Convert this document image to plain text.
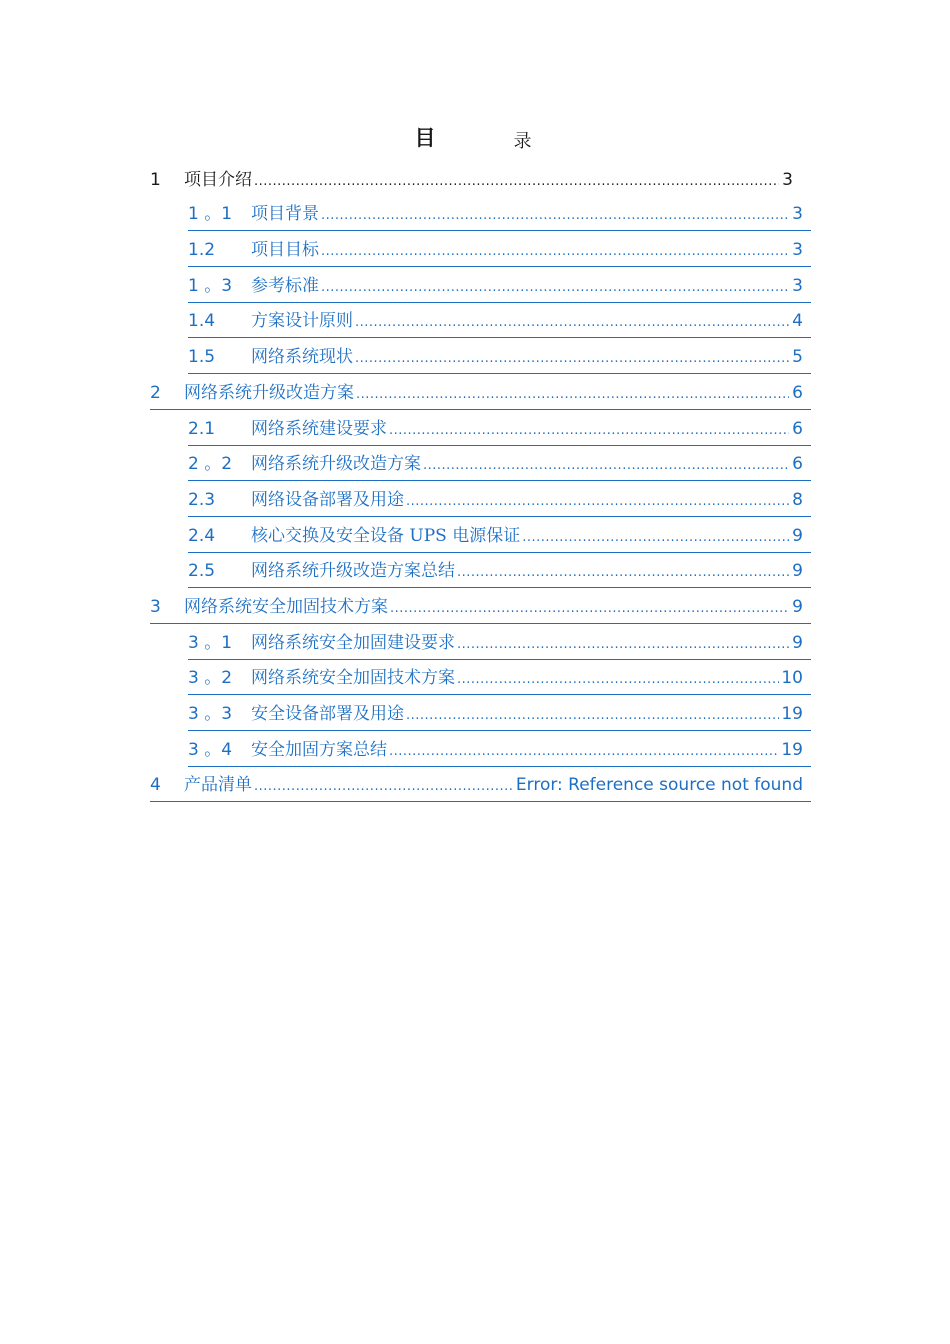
目	录
1	项目介绍 .....	3
1 。1	项目背景 .....	3
1.2	项目目标 .....	3
1 。3	参考标准 .....	3
1.4	方案设计原则 .....	4
1.5	网络系统现状 .....	5
2	网络系统升级改造方案 .....	6
2.1	网络系统建设要求 .....	6
2 。2	网络系统升级改造方案 .....	6
2.3	网络设备部署及用途 .....	8
2.4	核心交换及安全设备 UPS 电源保证 .....	9
2.5	网络系统升级改造方案总结 .....	9
3	网络系统安全加固技术方案 .....	9
3 。1	网络系统安全加固建设要求 .....	9
3 。2	网络系统安全加固技术方案 .....	10
3 。3	安全设备部署及用途 .....	19
3 。4	安全加固方案总结 .....	19
4	产品清单 .....	Error: Reference source not found
